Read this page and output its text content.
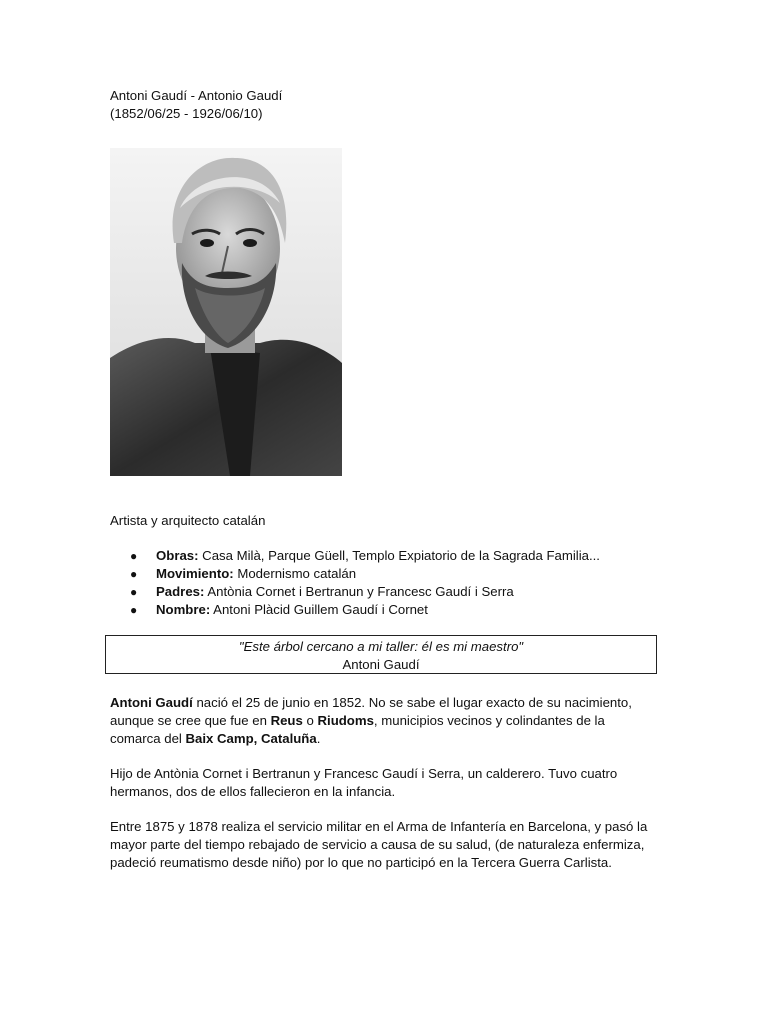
Antoni Gaudí - Antonio Gaudí
(1852/06/25 - 1926/06/10)
Artista y arquitecto catalán
● Obras: Casa Milà, Parque Güell, Templo Expiatorio de la Sagrada Familia...
● Movimiento: Modernismo catalán
● Padres: Antònia Cornet i Bertranun y Francesc Gaudí i Serra
● Nombre: Antoni Plàcid Guillem Gaudí i Cornet
"Este árbol cercano a mi taller: él es mi maestro"
Antoni Gaudí
Antoni Gaudí nació el 25 de junio en 1852. No se sabe el lugar exacto de su nacimiento, aunque se cree que fue en Reus o Riudoms, municipios vecinos y colindantes de la comarca del Baix Camp, Cataluña.
Hijo de Antònia Cornet i Bertranun y Francesc Gaudí i Serra, un calderero. Tuvo cuatro hermanos, dos de ellos fallecieron en la infancia.
Entre 1875 y 1878 realiza el servicio militar en el Arma de Infantería en Barcelona, y pasó la mayor parte del tiempo rebajado de servicio a causa de su salud, (de naturaleza enfermiza, padeció reumatismo desde niño) por lo que no participó en la Tercera Guerra Carlista.
